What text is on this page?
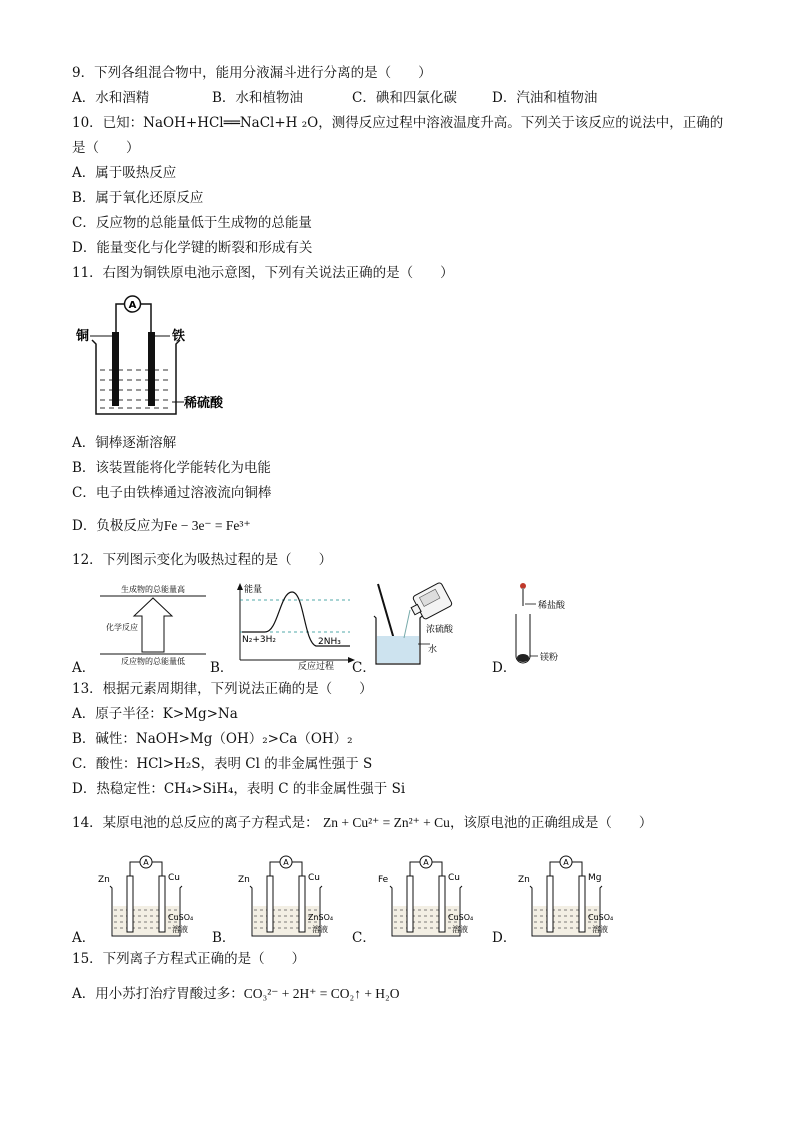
9．下列各组混合物中，能用分液漏斗进行分离的是（　　）
A．水和酒精	B．水和植物油	C．碘和四氯化碳	D．汽油和植物油
10．已知：NaOH+HCl══NaCl+H ₂O，测得反应过程中溶液温度升高。下列关于该反应的说法中，正确的
是（　　）
A．属于吸热反应
B．属于氧化还原反应
C．反应物的总能量低于生成物的总能量
D．能量变化与化学键的断裂和形成有关
11．右图为铜铁原电池示意图，下列有关说法正确的是（　　）
A
铜	铁
稀硫酸
A．铜棒逐渐溶解
B．该装置能将化学能转化为电能
C．电子由铁棒通过溶液流向铜棒
D．负极反应为Fe − 3e⁻ = Fe³⁺
12．下列图示变化为吸热过程的是（　　）
A．
生成物的总能量高
化学反应
反应物的总能量低 B．
能量
N₂+3H₂	2NH₃
反应过程 C．
浓硫酸
水
D．
稀盐酸
镁粉
13．根据元素周期律，下列说法正确的是（　　）
A．原子半径：K>Mg>Na
B．碱性：NaOH>Mg（OH）₂>Ca（OH）₂
C．酸性：HCl>H₂S，表明 Cl 的非金属性强于 S
D．热稳定性：CH₄>SiH₄，表明 C 的非金属性强于 Si
14．某原电池的总反应的离子方程式是： Zn + Cu²⁺ = Zn²⁺ + Cu，该原电池的正确组成是（　　）
A．
A
Zn	Cu
CuSO₄
溶液
B．
A
Zn	Cu
ZnSO₄
溶液
C．
A
Fe	Cu
CuSO₄
溶液
D．
A
Zn	Mg
CuSO₄
溶液
15．下列离子方程式正确的是（　　）
A．用小苏打治疗胃酸过多：CO₃²⁻ + 2H⁺ = CO₂↑ + H₂O
